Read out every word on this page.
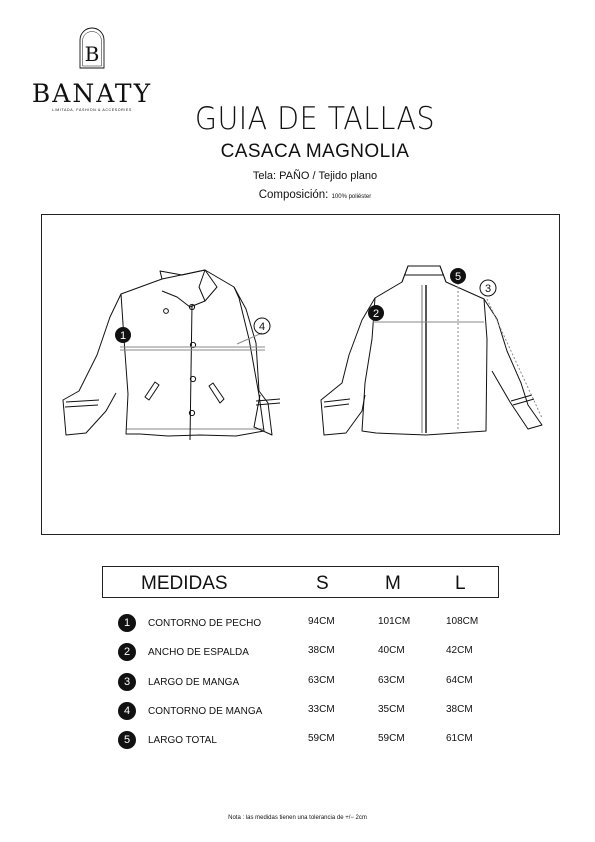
B
BANATY
LIMITADA, FASHION & ACCESORIES	GUIA DE TALLAS
CASACA MAGNOLIA
Tela: PAÑO / Tejido plano
Composición: 100% poliéster
1
4
2
5
3
MEDIDAS	S	M	L
1	CONTORNO DE PECHO	94CM	101CM	108CM
2	ANCHO DE ESPALDA	38CM	40CM	42CM
3	LARGO DE MANGA	63CM	63CM	64CM
4	CONTORNO DE MANGA	33CM	35CM	38CM
5	LARGO TOTAL	59CM	59CM	61CM
Nota : las medidas tienen una tolerancia de +/− 2cm
